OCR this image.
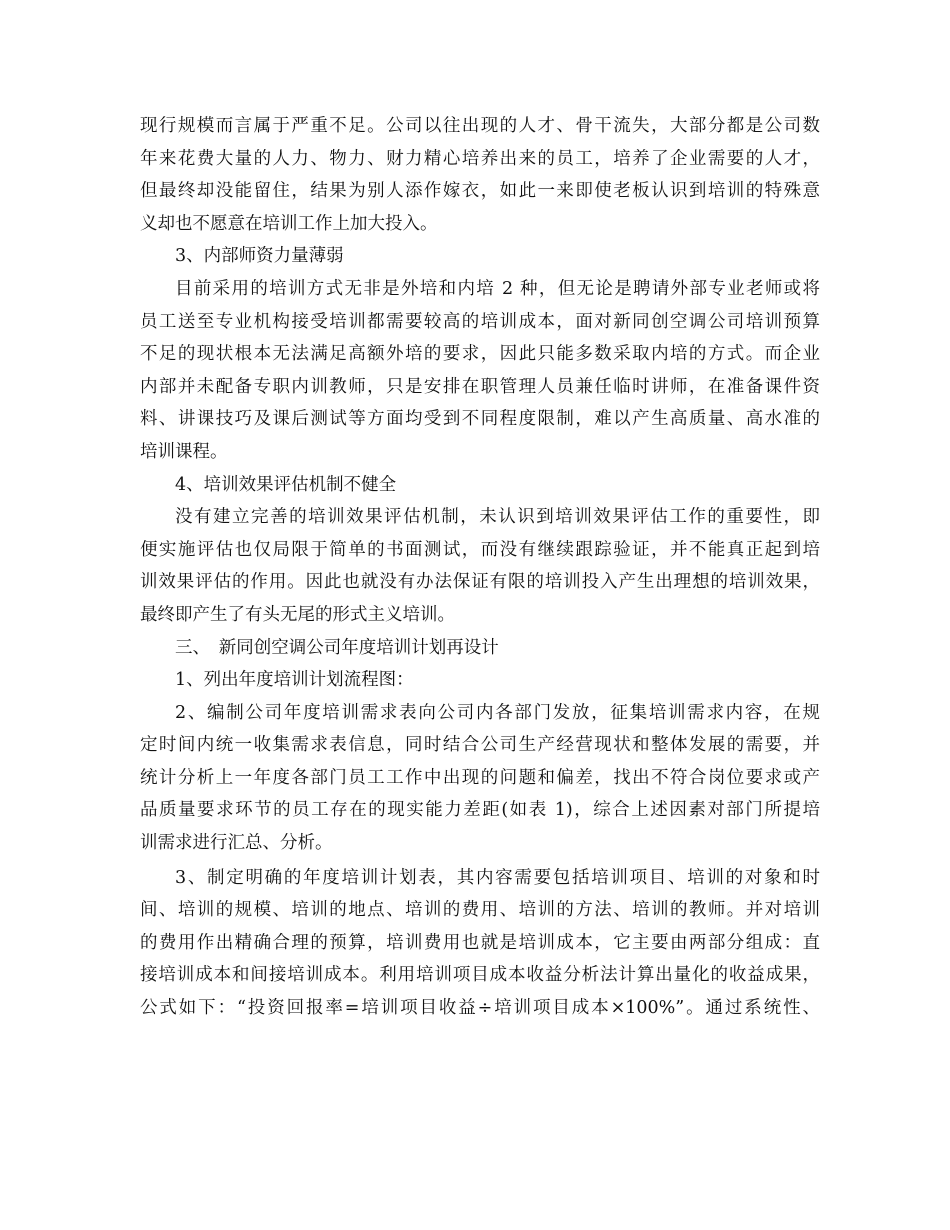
现行规模而言属于严重不足。公司以往出现的人才、骨干流失，大部分都是公司数
年来花费大量的人力、物力、财力精心培养出来的员工，培养了企业需要的人才，
但最终却没能留住，结果为别人添作嫁衣，如此一来即使老板认识到培训的特殊意
义却也不愿意在培训工作上加大投入。
3、内部师资力量薄弱
目前采用的培训方式无非是外培和内培 2 种，但无论是聘请外部专业老师或将
员工送至专业机构接受培训都需要较高的培训成本，面对新同创空调公司培训预算
不足的现状根本无法满足高额外培的要求，因此只能多数采取内培的方式。而企业
内部并未配备专职内训教师，只是安排在职管理人员兼任临时讲师，在准备课件资
料、讲课技巧及课后测试等方面均受到不同程度限制，难以产生高质量、高水准的
培训课程。
4、培训效果评估机制不健全
没有建立完善的培训效果评估机制，未认识到培训效果评估工作的重要性，即
便实施评估也仅局限于简单的书面测试，而没有继续跟踪验证，并不能真正起到培
训效果评估的作用。因此也就没有办法保证有限的培训投入产生出理想的培训效果，
最终即产生了有头无尾的形式主义培训。
三、　新同创空调公司年度培训计划再设计
1、列出年度培训计划流程图：
2、编制公司年度培训需求表向公司内各部门发放，征集培训需求内容，在规
定时间内统一收集需求表信息，同时结合公司生产经营现状和整体发展的需要，并
统计分析上一年度各部门员工工作中出现的问题和偏差，找出不符合岗位要求或产
品质量要求环节的员工存在的现实能力差距(如表 1)，综合上述因素对部门所提培
训需求进行汇总、分析。
3、制定明确的年度培训计划表，其内容需要包括培训项目、培训的对象和时
间、培训的规模、培训的地点、培训的费用、培训的方法、培训的教师。并对培训
的费用作出精确合理的预算，培训费用也就是培训成本，它主要由两部分组成：直
接培训成本和间接培训成本。利用培训项目成本收益分析法计算出量化的收益成果，
公式如下：“投资回报率=培训项目收益÷培训项目成本×100%”。通过系统性、
